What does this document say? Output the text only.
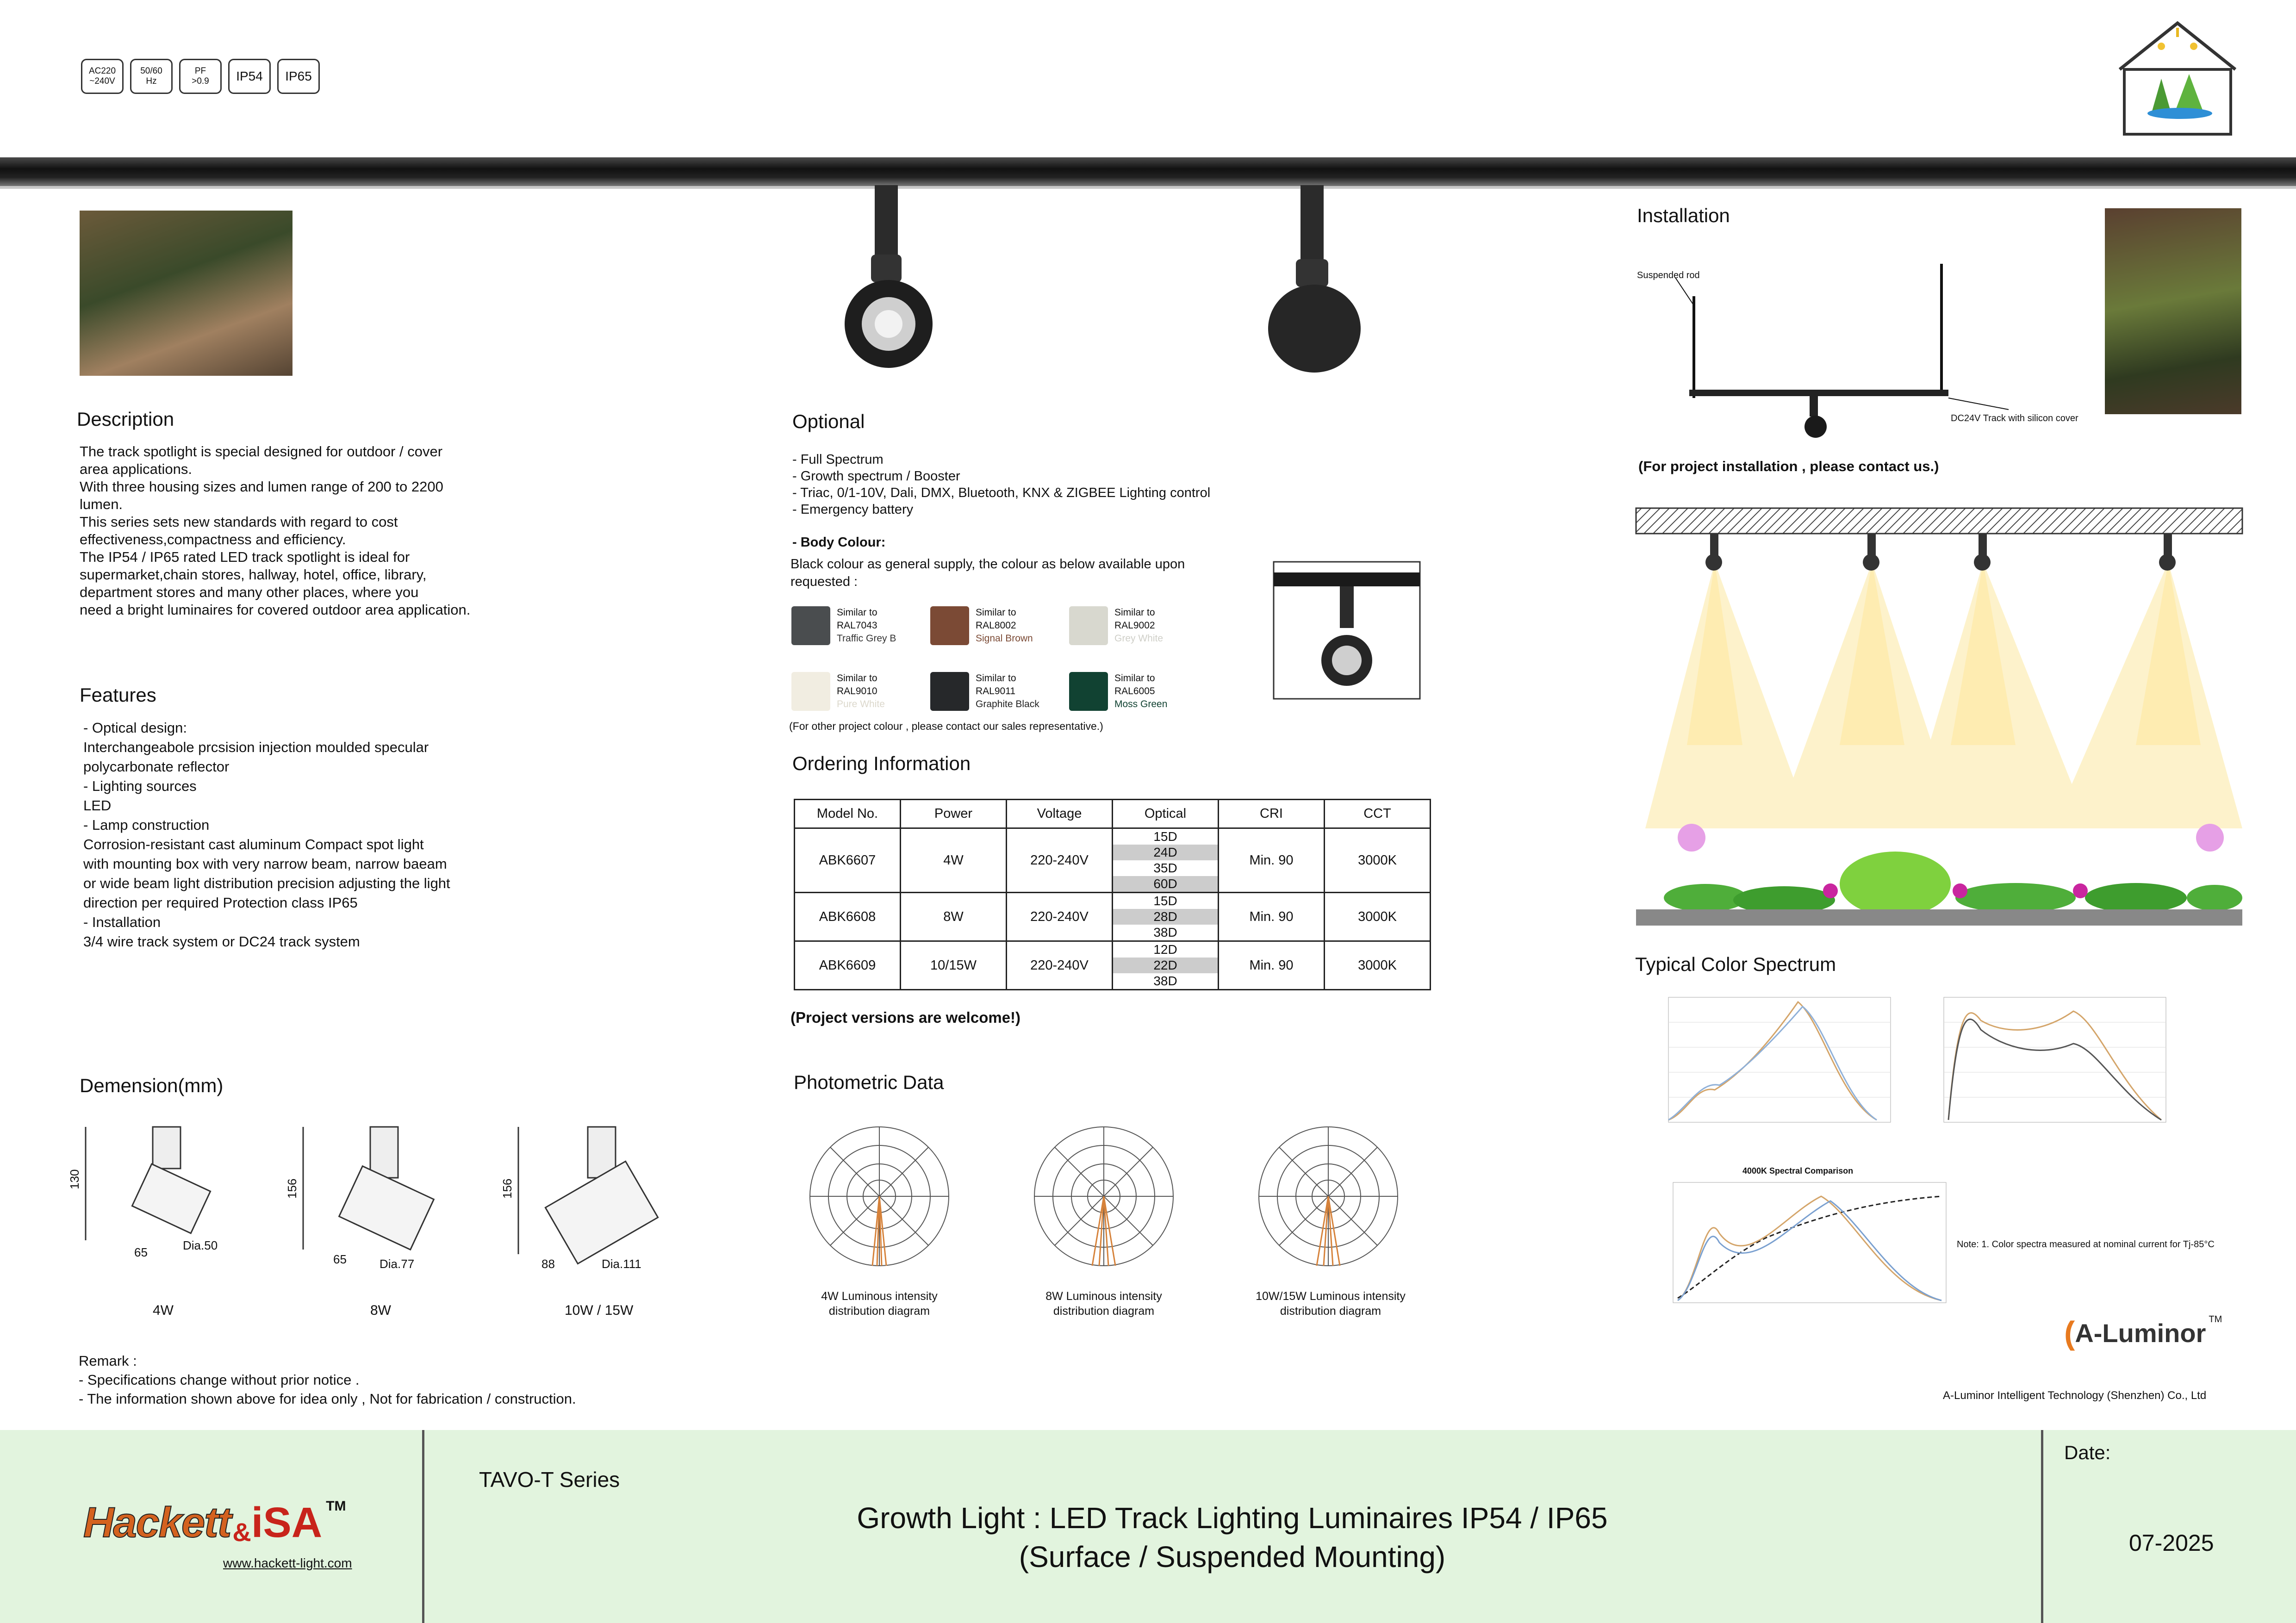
AC220
~240V
50/60
Hz
PF
>0.9	IP54	IP65
Description
The track spotlight is special designed for outdoor / cover
area applications.
With three housing sizes and lumen range of 200 to 2200
lumen.
This series sets new standards with regard to cost
effectiveness,compactness and efficiency.
The IP54 / IP65 rated LED track spotlight is ideal for
supermarket,chain stores, hallway, hotel, office, library,
department stores and many other places, where you
need a bright luminaires for covered outdoor area application.
Features
- Optical design:
Interchangeabole prcsision injection moulded specular
polycarbonate reflector
- Lighting sources
LED
- Lamp construction
Corrosion-resistant cast aluminum Compact spot light
with mounting box with very narrow beam, narrow baeam
or wide beam light distribution precision adjusting the light
direction per required Protection class IP65
- Installation
3/4 wire track system or DC24 track system
Demension(mm)
130
65	Dia.50
156
65	Dia.77
156
88	Dia.111
4W	8W	10W / 15W
Remark :
- Specifications change without prior notice .
- The information shown above for idea only , Not for fabrication / construction.
Optional
- Full Spectrum
- Growth spectrum / Booster
- Triac, 0/1-10V, Dali, DMX, Bluetooth, KNX & ZIGBEE Lighting control
- Emergency battery
- Body Colour:
Black colour as general supply, the colour as below available upon
requested :
Similar to
RAL7043
Traffic Grey B
Similar to
RAL8002
Signal Brown
Similar to
RAL9002
Grey White
Similar to
RAL9010
Pure White
Similar to
RAL9011
Graphite Black
Similar to
RAL6005
Moss Green
(For other project colour , please contact our sales representative.)
Ordering Information
Model No.	Power	Voltage	Optical	CRI	CCT
ABK6607	4W	220-240V	15D
24D
35D
60D	Min. 90	3000K
ABK6608	8W	220-240V	15D
28D
38D	Min. 90	3000K
ABK6609	10/15W	220-240V	12D
22D
38D	Min. 90	3000K
(Project versions are welcome!)
Photometric Data
4W Luminous intensity
distribution diagram
8W Luminous intensity
distribution diagram
10W/15W Luminous intensity
distribution diagram
Installation
Suspended rod
DC24V Track with silicon cover
(For project installation , please contact us.)
Typical Color Spectrum
4000K Spectral Comparison
Note: 1. Color spectra measured at nominal current for Tj-85°C
( A-Luminor TM
A-Luminor Intelligent Technology (Shenzhen) Co., Ltd
Hackett & iSA TM
www.hackett-light.com
TAVO-T Series
Growth Light : LED Track Lighting Luminaires IP54 / IP65
(Surface / Suspended Mounting)
Date:
07-2025
